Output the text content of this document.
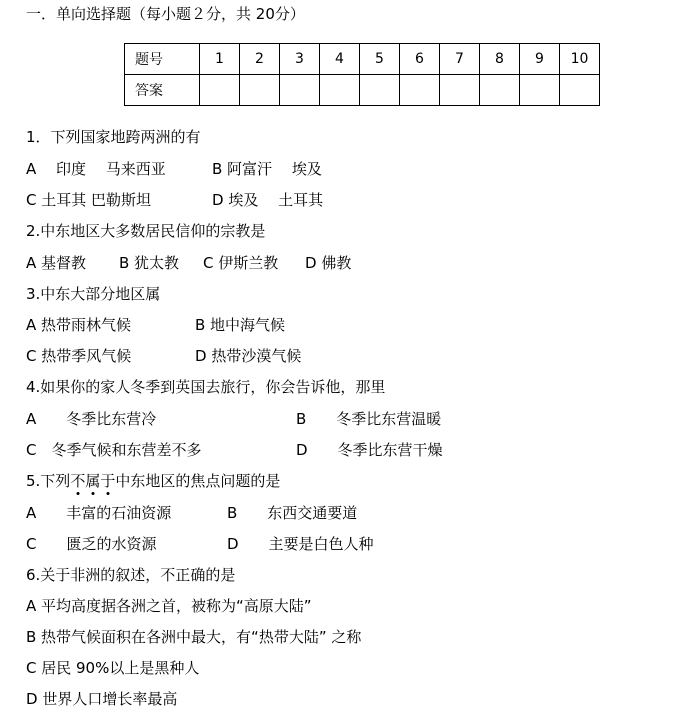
一．单向选择题（每小题２分，共 20分）
题号	1	2	3	4	5	6	7	8	9	10
答案										
1．下列国家地跨两洲的有
A　 印度　 马来西亚	B 阿富汗　 埃及
C 土耳其 巴勒斯坦	D 埃及　 土耳其
2.中东地区大多数居民信仰的宗教是
A 基督教 B 犹太教 C 伊斯兰教 D 佛教
3.中东大部分地区属
A 热带雨林气候	B 地中海气候
C 热带季风气候	D 热带沙漠气候
4.如果你的家人冬季到英国去旅行，你会告诉他，那里
A　　冬季比东营冷	B　　冬季比东营温暖
C　冬季气候和东营差不多	D　　冬季比东营干燥
5.下列不属于中东地区的焦点问题的是
A　　丰富的石油资源	B　　东西交通要道
C　　匮乏的水资源	D　　主要是白色人种
6.关于非洲的叙述，不正确的是
A 平均高度据各洲之首，被称为“高原大陆”
B 热带气候面积在各洲中最大，有“热带大陆” 之称
C 居民 90%以上是黑种人
D 世界人口增长率最高
